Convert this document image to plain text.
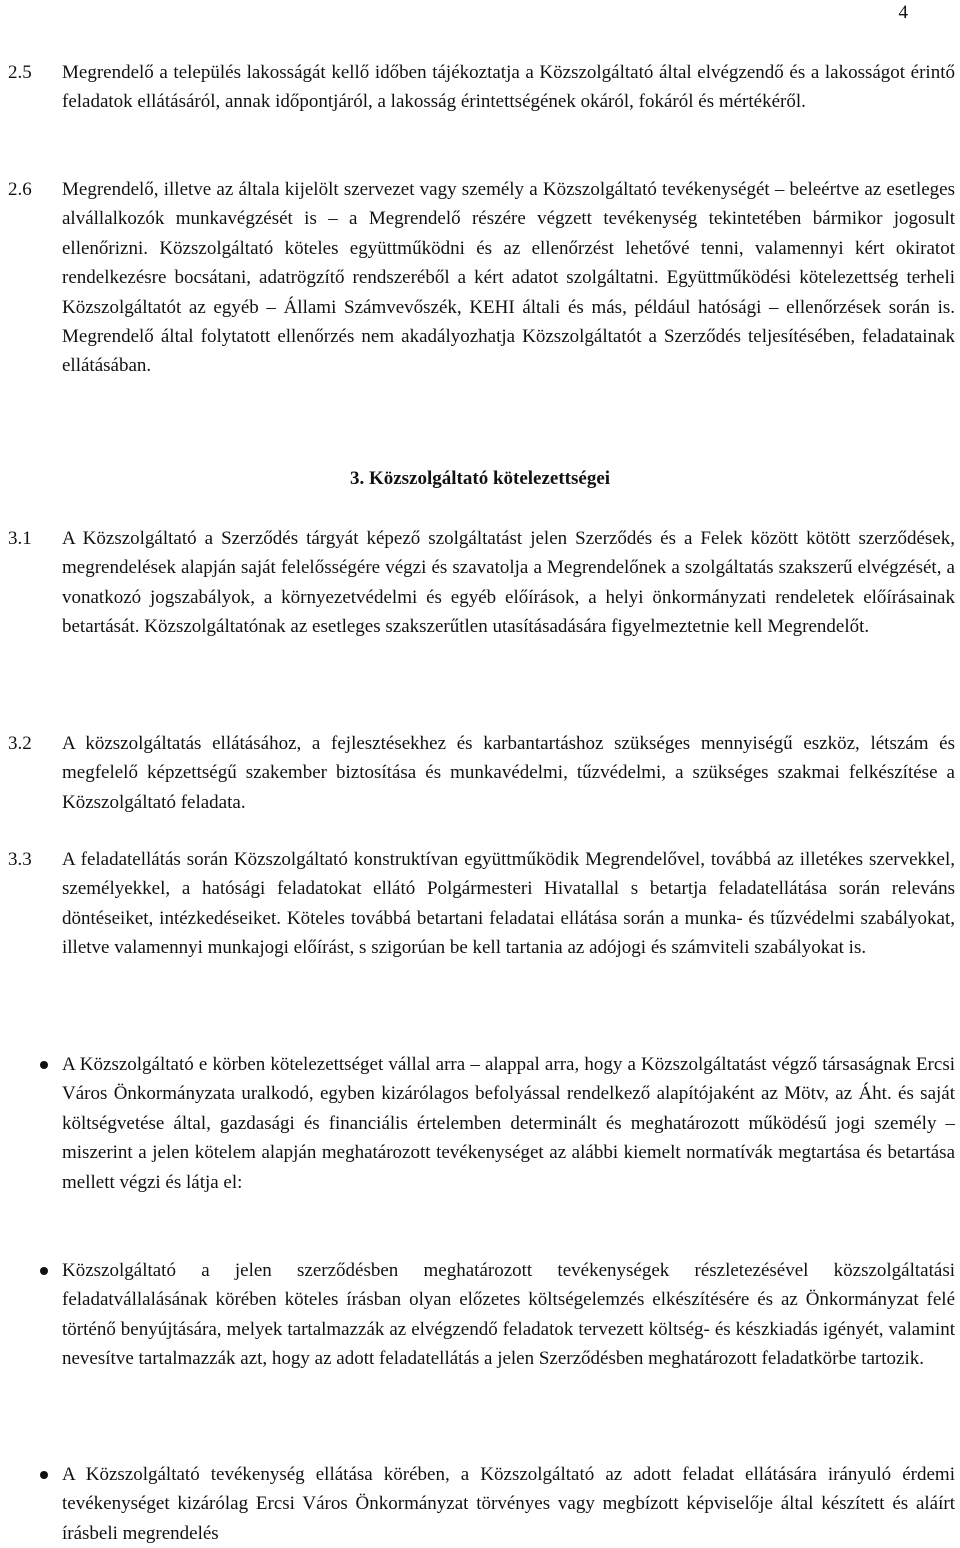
4
2.5 Megrendelő a település lakosságát kellő időben tájékoztatja a Közszolgáltató által elvégzendő és a lakosságot érintő feladatok ellátásáról, annak időpontjáról, a lakosság érintettségének okáról, fokáról és mértékéről.
2.6 Megrendelő, illetve az általa kijelölt szervezet vagy személy a Közszolgáltató tevékenységét – beleértve az esetleges alvállalkozók munkavégzését is – a Megrendelő részére végzett tevékenység tekintetében bármikor jogosult ellenőrizni. Közszolgáltató köteles együttműködni és az ellenőrzést lehetővé tenni, valamennyi kért okiratot rendelkezésre bocsátani, adatrögzítő rendszeréből a kért adatot szolgáltatni. Együttműködési kötelezettség terheli Közszolgáltatót az egyéb – Állami Számvevőszék, KEHI általi és más, például hatósági – ellenőrzések során is. Megrendelő által folytatott ellenőrzés nem akadályozhatja Közszolgáltatót a Szerződés teljesítésében, feladatainak ellátásában.
3. Közszolgáltató kötelezettségei
3.1 A Közszolgáltató a Szerződés tárgyát képező szolgáltatást jelen Szerződés és a Felek között kötött szerződések, megrendelések alapján saját felelősségére végzi és szavatolja a Megrendelőnek a szolgáltatás szakszerű elvégzését, a vonatkozó jogszabályok, a környezetvédelmi és egyéb előírások, a helyi önkormányzati rendeletek előírásainak betartását. Közszolgáltatónak az esetleges szakszerűtlen utasításadására figyelmeztetnie kell Megrendelőt.
3.2 A közszolgáltatás ellátásához, a fejlesztésekhez és karbantartáshoz szükséges mennyiségű eszköz, létszám és megfelelő képzettségű szakember biztosítása és munkavédelmi, tűzvédelmi, a szükséges szakmai felkészítése a Közszolgáltató feladata.
3.3 A feladatellátás során Közszolgáltató konstruktívan együttműködik Megrendelővel, továbbá az illetékes szervekkel, személyekkel, a hatósági feladatokat ellátó Polgármesteri Hivatallal s betartja feladatellátása során releváns döntéseiket, intézkedéseiket. Köteles továbbá betartani feladatai ellátása során a munka- és tűzvédelmi szabályokat, illetve valamennyi munkajogi előírást, s szigorúan be kell tartania az adójogi és számviteli szabályokat is.
A Közszolgáltató e körben kötelezettséget vállal arra – alappal arra, hogy a Közszolgáltatást végző társaságnak Ercsi Város Önkormányzata uralkodó, egyben kizárólagos befolyással rendelkező alapítójaként az Mötv, az Áht. és saját költségvetése által, gazdasági és financiális értelemben determinált és meghatározott működésű jogi személy – miszerint a jelen kötelem alapján meghatározott tevékenységet az alábbi kiemelt normatívák megtartása és betartása mellett végzi és látja el:
Közszolgáltató a jelen szerződésben meghatározott tevékenységek részletezésével közszolgáltatási feladatvállalásának körében köteles írásban olyan előzetes költségelemzés elkészítésére és az Önkormányzat felé történő benyújtására, melyek tartalmazzák az elvégzendő feladatok tervezett költség- és készkiadás igényét, valamint nevesítve tartalmazzák azt, hogy az adott feladatellátás a jelen Szerződésben meghatározott feladatkörbe tartozik.
A Közszolgáltató tevékenység ellátása körében, a Közszolgáltató az adott feladat ellátására irányuló érdemi tevékenységet kizárólag Ercsi Város Önkormányzat törvényes vagy megbízott képviselője által készített és aláírt írásbeli megrendelés
